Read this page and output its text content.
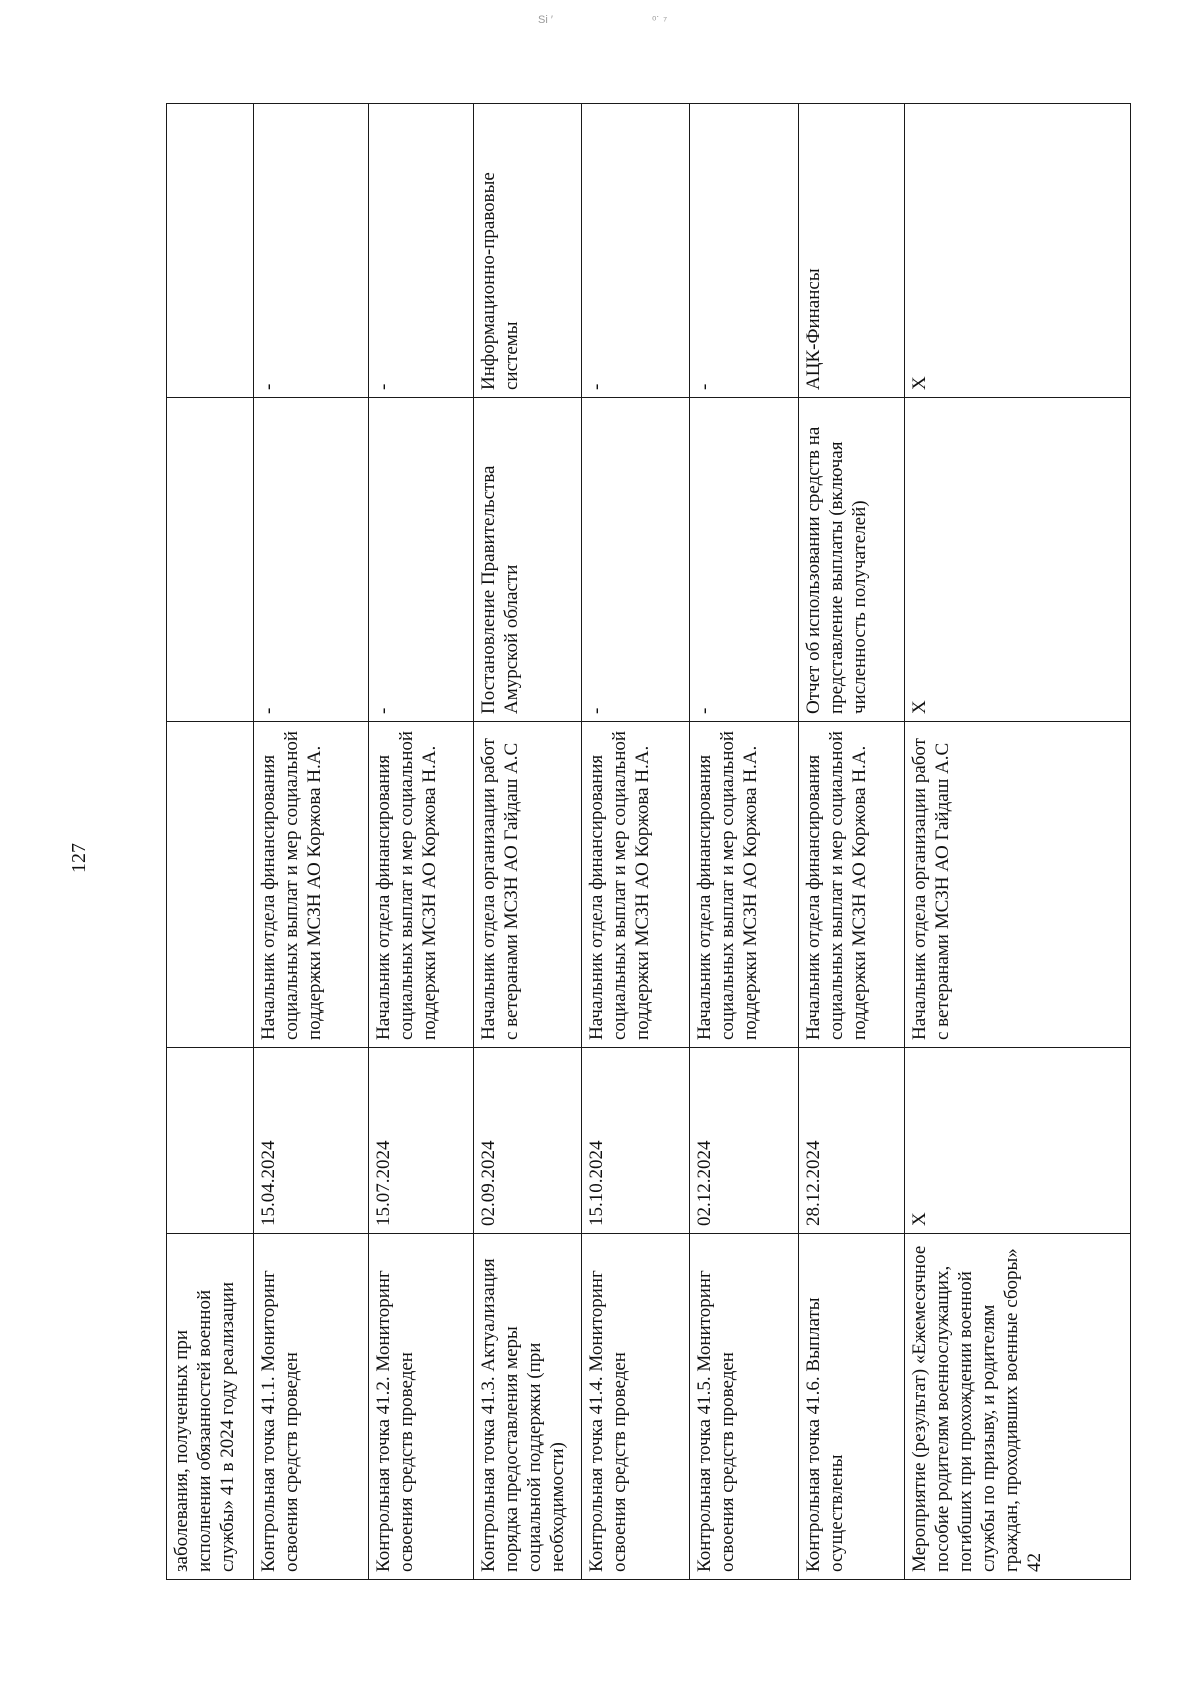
Ѕі ′	⁰˙ ⁷
127
заболевания, полученных при исполнении обязанностей военной службы» 41 в 2024 году реализации				
Контрольная точка 41.1. Мониторинг освоения средств проведен	15.04.2024	Начальник отдела финансирования социальных выплат и мер социальной поддержки МСЗН АО Коржова Н.А.	-	-
Контрольная точка 41.2. Мониторинг освоения средств проведен	15.07.2024	Начальник отдела финансирования социальных выплат и мер социальной поддержки МСЗН АО Коржова Н.А.	-	-
Контрольная точка 41.3. Актуализация порядка предоставления меры социальной поддержки (при необходимости)	02.09.2024	Начальник отдела организации работ с ветеранами МСЗН АО Гайдаш А.С	Постановление Правительства Амурской области	Информационно-правовые системы
Контрольная точка 41.4. Мониторинг освоения средств проведен	15.10.2024	Начальник отдела финансирования социальных выплат и мер социальной поддержки МСЗН АО Коржова Н.А.	-	-
Контрольная точка 41.5. Мониторинг освоения средств проведен	02.12.2024	Начальник отдела финансирования социальных выплат и мер социальной поддержки МСЗН АО Коржова Н.А.	-	-
Контрольная точка 41.6. Выплаты осуществлены	28.12.2024	Начальник отдела финансирования социальных выплат и мер социальной поддержки МСЗН АО Коржова Н.А.	Отчет об использовании средств на представление выплаты (включая численность получателей)	АЦК-Финансы
Мероприятие (результат) «Ежемесячное пособие родителям военнослужащих, погибших при прохождении военной службы по призыву, и родителям граждан, проходивших военные сборы» 42	X	Начальник отдела организации работ с ветеранами МСЗН АО Гайдаш А.С	X	X
